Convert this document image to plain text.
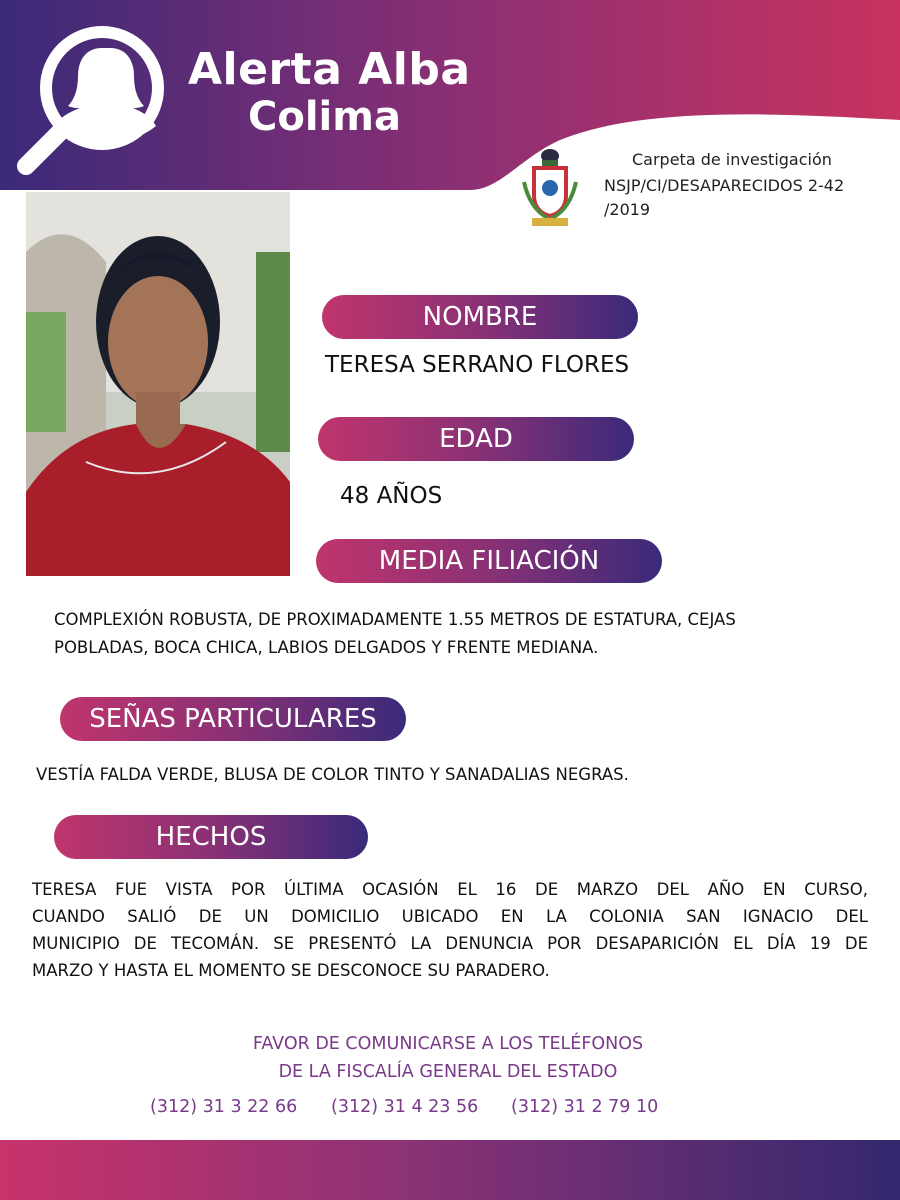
Alerta Alba
Colima
Carpeta de investigación
NSJP/CI/DESAPARECIDOS 2-42
/2019
NOMBRE
TERESA SERRANO FLORES
EDAD
48 AÑOS
MEDIA FILIACIÓN
COMPLEXIÓN ROBUSTA, DE PROXIMADAMENTE 1.55 METROS DE ESTATURA, CEJAS
POBLADAS, BOCA CHICA, LABIOS DELGADOS Y FRENTE MEDIANA.
SEÑAS PARTICULARES
VESTÍA FALDA VERDE, BLUSA DE COLOR TINTO Y SANADALIAS NEGRAS.
HECHOS
TERESA FUE VISTA POR ÚLTIMA OCASIÓN EL 16 DE MARZO DEL AÑO EN CURSO,
CUANDO SALIÓ DE UN DOMICILIO UBICADO EN LA COLONIA SAN IGNACIO DEL
MUNICIPIO DE TECOMÁN. SE PRESENTÓ LA DENUNCIA POR DESAPARICIÓN EL DÍA 19 DE
MARZO Y HASTA EL MOMENTO SE DESCONOCE SU PARADERO.
FAVOR DE COMUNICARSE A LOS TELÉFONOS
DE LA FISCALÍA GENERAL DEL ESTADO
(312) 31 3 22 66 (312) 31 4 23 56 (312) 31 2 79 10
